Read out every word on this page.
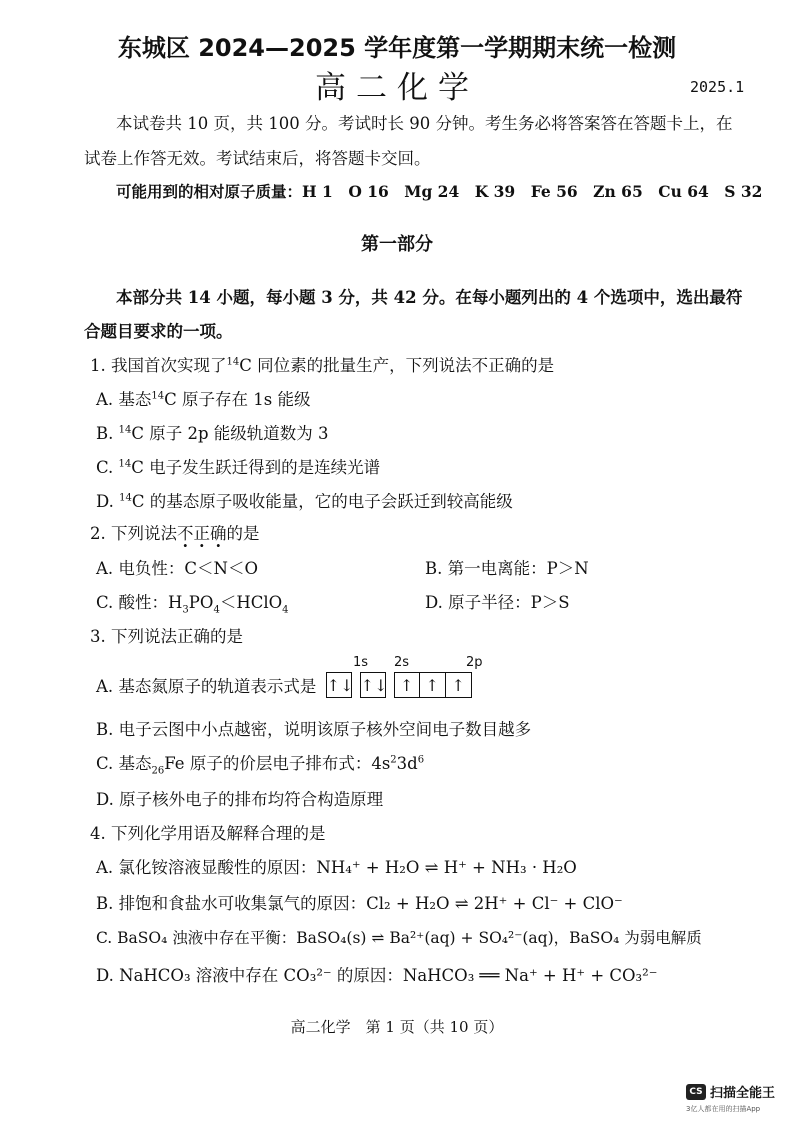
东城区 2024—2025 学年度第一学期期末统一检测
高二化学	2025.1
本试卷共 10 页，共 100 分。考试时长 90 分钟。考生务必将答案答在答题卡上，在
试卷上作答无效。考试结束后，将答题卡交回。
可能用到的相对原子质量：H 1　O 16　Mg 24　K 39　Fe 56　Zn 65　Cu 64　S 32
第一部分
本部分共 14 小题，每小题 3 分，共 42 分。在每小题列出的 4 个选项中，选出最符
合题目要求的一项。
1. 我国首次实现了$^{14}$C 同位素的批量生产，下列说法不正确的是
A. 基态$^{14}$C 原子存在 1s 能级
B. $^{14}$C 原子 2p 能级轨道数为 3
C. $^{14}$C 电子发生跃迁得到的是连续光谱
D. $^{14}$C 的基态原子吸收能量，它的电子会跃迁到较高能级
2. 下列说法不正确的是
A. 电负性：C＜N＜O	B. 第一电离能：P＞N
C. 酸性：$H_3PO_4<HClO_4$	D. 原子半径：P＞S
3. 下列说法正确的是
1s 2s	2p
A. 基态氮原子的轨道表示式是 ↑↓ ↑↓ ↑ ↑ ↑
B. 电子云图中小点越密，说明该原子核外空间电子数目越多
C. 基态$_{26}$Fe 原子的价层电子排布式：$4s^23d^6$
D. 原子核外电子的排布均符合构造原理
4. 下列化学用语及解释合理的是
A. 氯化铵溶液显酸性的原因：NH₄⁺ + H₂O ⇌ H⁺ + NH₃ · H₂O
B. 排饱和食盐水可收集氯气的原因：Cl₂ + H₂O ⇌ 2H⁺ + Cl⁻ + ClO⁻
C. BaSO₄ 浊液中存在平衡：BaSO₄(s) ⇌ Ba²⁺(aq) + SO₄²⁻(aq)，BaSO₄ 为弱电解质
D. NaHCO₃ 溶液中存在 CO₃²⁻ 的原因：NaHCO₃ ══ Na⁺ + H⁺ + CO₃²⁻
高二化学　第 1 页（共 10 页）
CS 扫描全能王
3亿人都在用的扫描App
